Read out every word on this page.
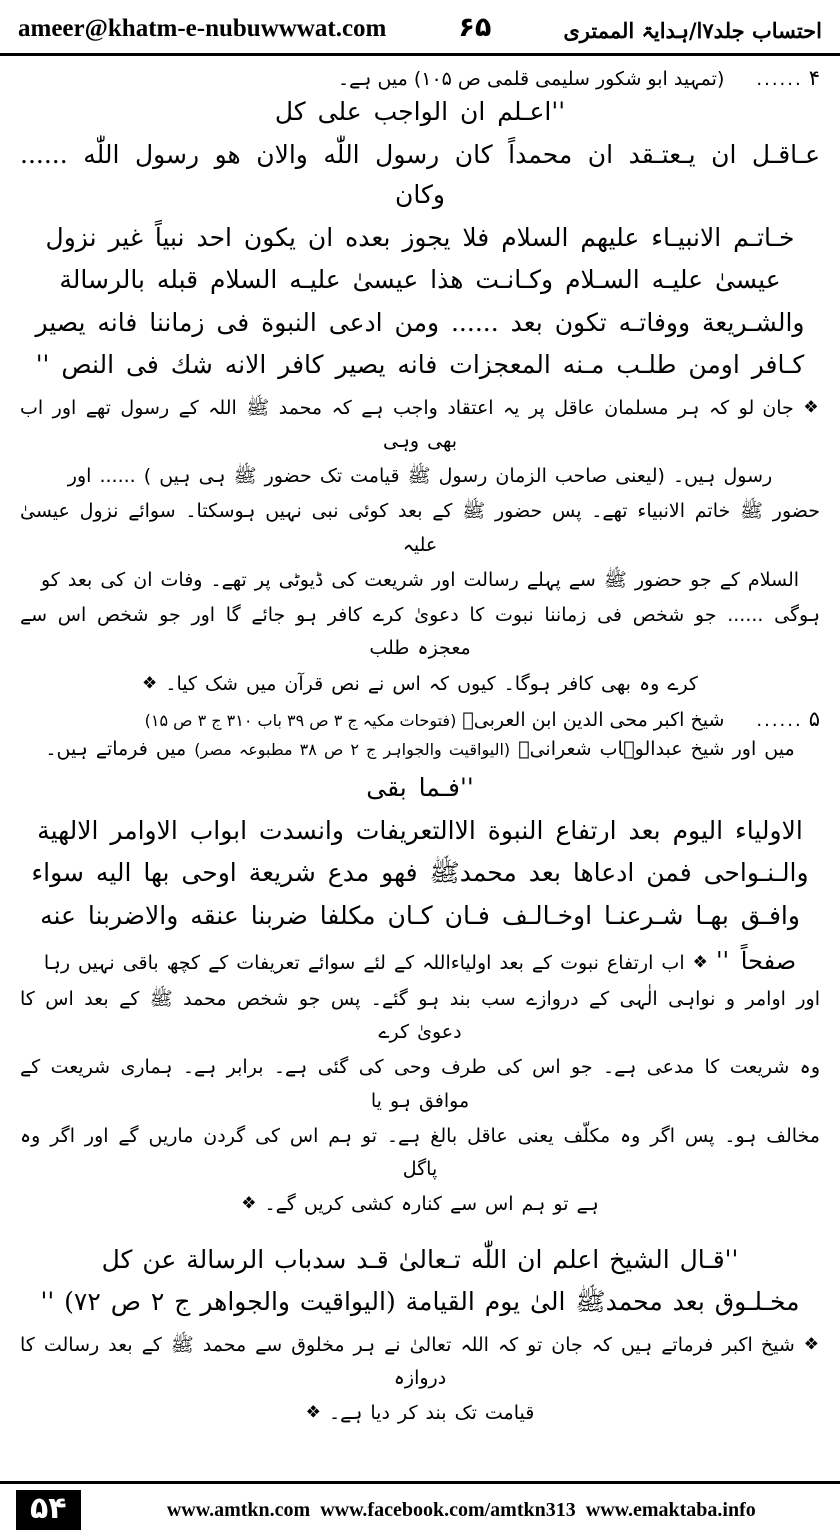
احتساب جلد۷ا/ہدایۃ الممتری
۶۵
ameer@khatm-e-nubuwwwat.com
۴
......
(تمہید ابو شکور سلیمی قلمی ص ۱۰۵) میں ہے۔

''اعـلم ان الواجب علی کل

عـاقـل ان یـعتـقد ان محمداً کان رسول اللّٰه والان هو رسول اللّٰه ...... وکان

خـاتـم الانبیـاء علیهم السلام فلا یجوز بعده ان یکون احد نبیاً غیر نزول

عیسیٰ علیـه السـلام وکـانـت هذا عیسیٰ علیـه السلام قبله بالرسالة

والشـریعة ووفاتـه تكون بعد ...... ومن ادعی النبوة فی زماننا فانه یصیر

کـافر اومن طلـب مـنه المعجزات فانه یصیر کافر الانه شك فی النص ''

❖ جان لو کہ ہر مسلمان عاقل پر یہ اعتقاد واجب ہے کہ محمد ﷺ اللہ کے رسول تھے اور اب بھی وہی

رسول ہیں۔ (لیعنی صاحب الزمان رسول ﷺ قیامت تک حضور ﷺ ہی ہیں ) ...... اور

حضور ﷺ خاتم الانبیاء تھے۔ پس حضور ﷺ کے بعد کوئی نبی نہیں ہوسکتا۔ سوائے نزول عیسیٰ علیہ

السلام کے جو حضور ﷺ سے پہلے رسالت اور شریعت کی ڈیوٹی پر تھے۔ وفات ان کی بعد کو

ہوگی ...... جو شخص فی زماننا نبوت کا دعویٰ کرے کافر ہو جائے گا اور جو شخص اس سے معجزہ طلب

کرے وہ بھی کافر ہوگا۔ کیوں کہ اس نے نص قرآن میں شک کیا۔ ❖

۵
......
شیخ اکبر محی الدین ابن العربیؒ (فتوحات مکیہ ج ۳ ص ۳۹ باب ۳۱۰ ج ۳ ص ۱۵)

میں اور شیخ عبدالوہاب شعرانیؒ (الیواقیت والجواہر ج ۲ ص ۳۸ مطبوعہ مصر) میں فرماتے ہیں۔

''فـما بقی

الاولیاء الیوم بعد ارتفاع النبوة الاالتعریفات وانسدت ابواب الاوامر الالهیة

والـنـواحی فمن ادعاها بعد محمدﷺ فهو مدع شریعة اوحی بها الیه سواء

وافـق بهـا شـرعنـا اوخـالـف فـان کـان مکلفا ضربنا عنقه والاضربنا عنه

صفحاً '' ❖ اب ارتفاع نبوت کے بعد اولیاءاللہ کے لئے سوائے تعریفات کے کچھ باقی نہیں رہا

اور اوامر و نواہی الٰہی کے دروازے سب بند ہو گئے۔ پس جو شخص محمد ﷺ کے بعد اس کا دعویٰ کرے

وہ شریعت کا مدعی ہے۔ جو اس کی طرف وحی کی گئی ہے۔ برابر ہے۔ ہماری شریعت کے موافق ہو یا

مخالف ہو۔ پس اگر وہ مکلّف یعنی عاقل بالغ ہے۔ تو ہم اس کی گردن ماریں گے اور اگر وہ پاگل

ہے تو ہم اس سے کنارہ کشی کریں گے۔ ❖

''قـال الشیخ اعلم ان اللّٰه تـعالیٰ قـد سدباب الرسالة عن کل

مخـلـوق بعد محمدﷺ الیٰ یوم القیامة (الیواقیت والجواهر ج ۲ ص ۷۲) ''

❖ شیخ اکبر فرماتے ہیں کہ جان تو کہ اللہ تعالیٰ نے ہر مخلوق سے محمد ﷺ کے بعد رسالت کا دروازہ

قیامت تک بند کر دیا ہے۔ ❖

۵۴	www.amtkn.com www.facebook.com/amtkn313 www.emaktaba.info
